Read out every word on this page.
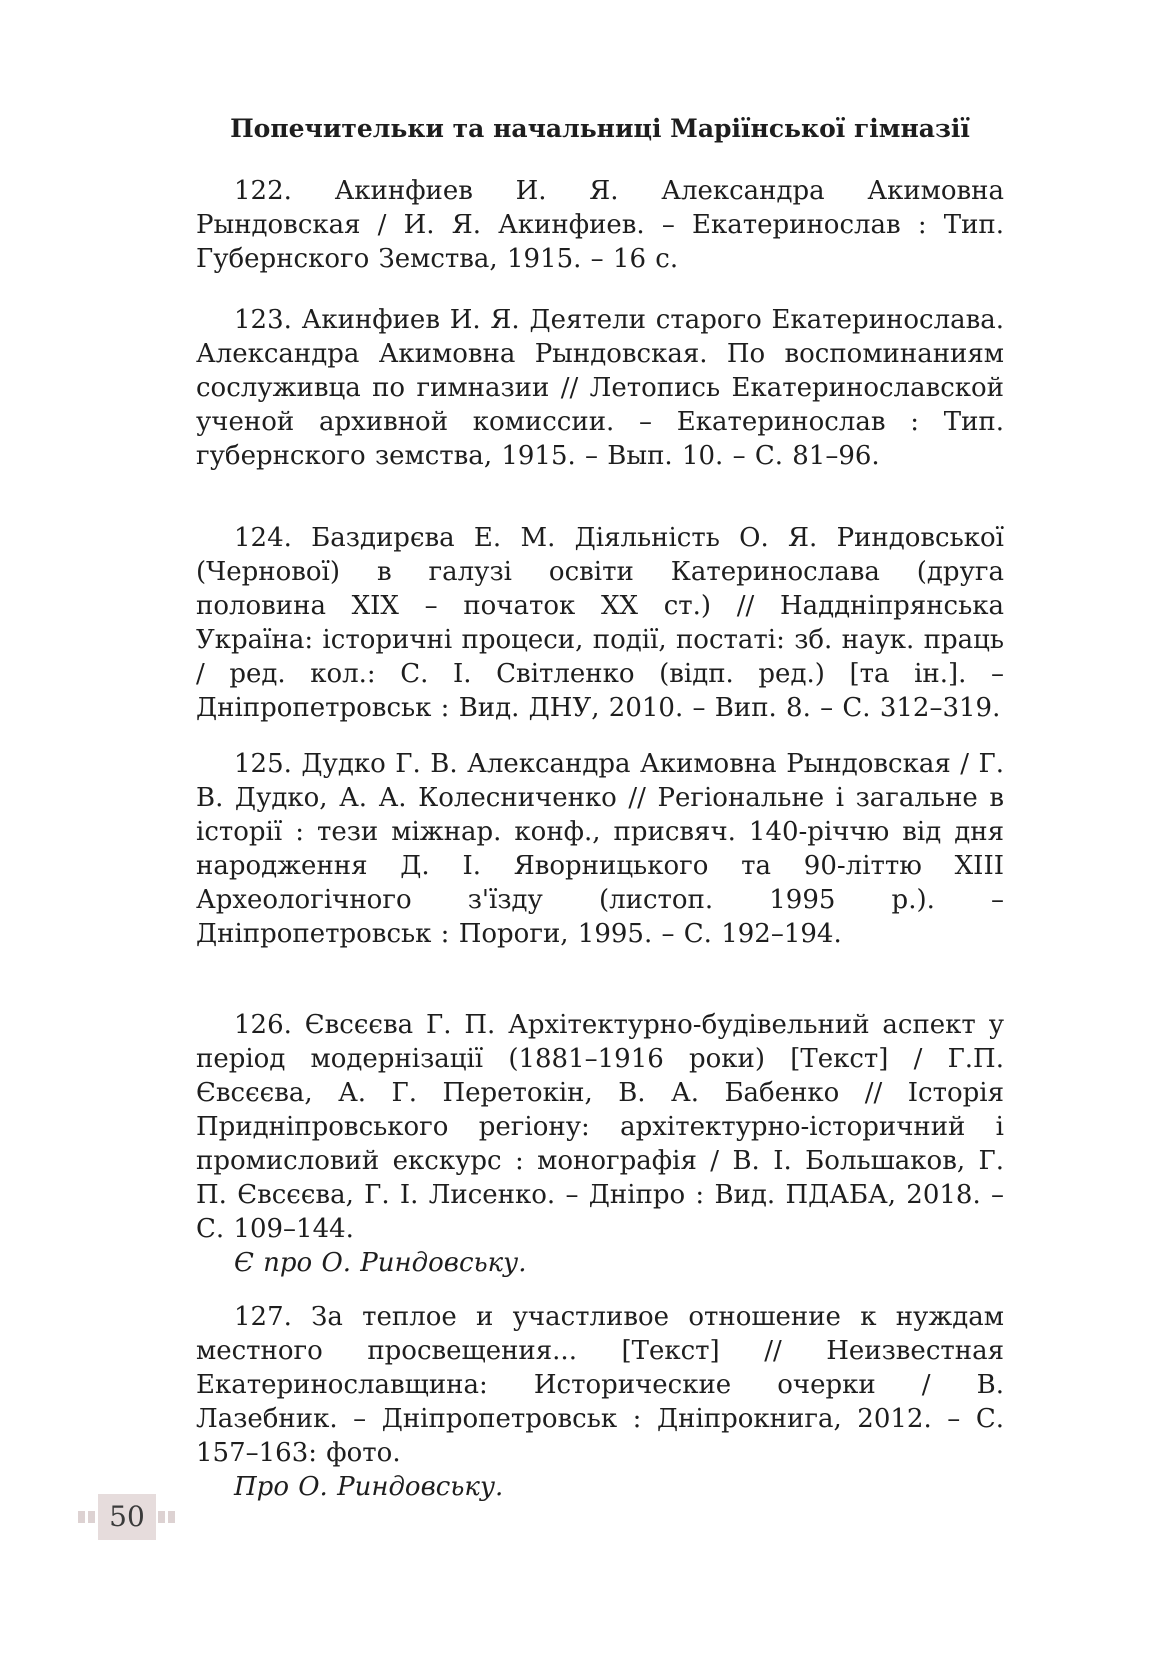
Попечительки та начальниці Маріїнської гімназії
122. Акинфиев И. Я. Александра Акимовна Рындовская / И. Я. Акинфиев. – Екатеринослав : Тип. Губернского Земства, 1915. – 16 с.
123. Акинфиев И. Я. Деятели старого Екатеринослава. Александра Акимовна Рындовская. По воспоминаниям сослуживца по гимназии // Летопись Екатеринославской ученой архивной комиссии. – Екатеринослав : Тип. губернского земства, 1915. – Вып. 10. – С. 81–96.
124. Баздирєва Е. М. Діяльність О. Я. Риндовської (Чернової) в галузі освіти Катеринослава (друга половина XIX – початок XX ст.) // Наддніпрянська Україна: історичні процеси, події, постаті: зб. наук. праць / ред. кол.: С. І. Світленко (відп. ред.) [та ін.]. – Дніпропетровськ : Вид. ДНУ, 2010. – Вип. 8. – С. 312–319.
125. Дудко Г. В. Александра Акимовна Рындовская / Г. В. Дудко, А. А. Колесниченко // Регіональне і загальне в історії : тези міжнар. конф., присвяч. 140-річчю від дня народження Д. І. Яворницького та 90-літтю XIII Археологічного з'їзду (листоп. 1995 р.). – Дніпропетровськ : Пороги, 1995. – С. 192–194.
126. Євсєєва Г. П. Архітектурно-будівельний аспект у період модернізації (1881–1916 роки) [Текст] / Г.П. Євсєєва, А. Г. Перетокін, В. А. Бабенко // Історія Придніпровського регіону: архітектурно-історичний і промисловий екскурс : монографія / В. І. Большаков, Г. П. Євсєєва, Г. І. Лисенко. – Дніпро : Вид. ПДАБА, 2018. – С. 109–144.
Є про О. Риндовську.
127. За теплое и участливое отношение к нуждам местного просвещения... [Текст] // Неизвестная Екатеринославщина: Исторические очерки / В. Лазебник. – Дніпропетровськ : Дніпрокнига, 2012. – С. 157–163: фото.
Про О. Риндовську.
50
